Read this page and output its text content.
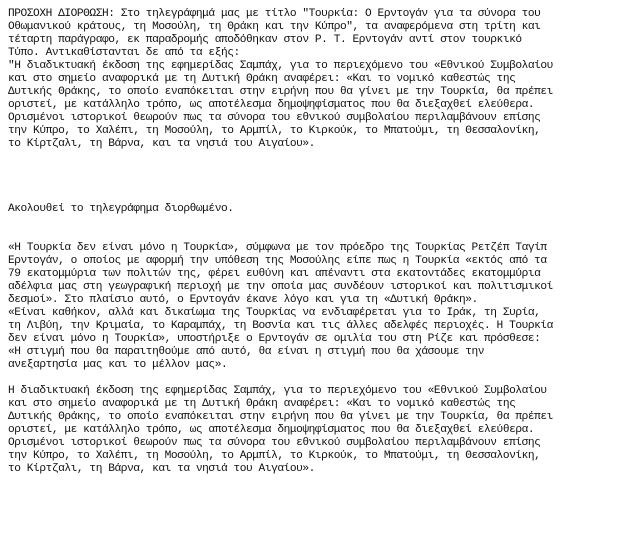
ΠΡΟΣΟΧΗ ΔΙΟΡΘΩΣΗ: Στο τηλεγράφημά μας με τίτλο "Τουρκία: Ο Ερντογάν για τα σύνορα του
Οθωμανικού κράτους, τη Μοσούλη, τη Θράκη και την Κύπρο", τα αναφερόμενα στη τρίτη και
τέταρτη παράγραφο, εκ παραδρομής αποδόθηκαν στον Ρ. Τ. Ερντογάν αντί στον τουρκικό
Τύπο. Αντικαθίστανται δε από τα εξής:
"Η διαδικτυακή έκδοση της εφημερίδας Σαμπάχ, για το περιεχόμενο του «Εθνικού Συμβολαίου
και στο σημείο αναφορικά με τη Δυτική Θράκη αναφέρει: «Και το νομικό καθεστώς της
Δυτικής Θράκης, το οποίο εναπόκειται στην ειρήνη που θα γίνει με την Τουρκία, θα πρέπει
οριστεί, με κατάλληλο τρόπο, ως αποτέλεσμα δημοψηφίσματος που θα διεξαχθεί ελεύθερα.
Ορισμένοι ιστορικοί θεωρούν πως τα σύνορα του εθνικού συμβολαίου περιλαμβάνουν επίσης
την Κύπρο, το Χαλέπι, τη Μοσούλη, το Αρμπίλ, το Κιρκούκ, το Μπατούμι, τη Θεσσαλονίκη,
το Κίρτζαλι, τη Βάρνα, και τα νησιά του Αιγαίου».
Ακολουθεί το τηλεγράφημα διορθωμένο.
«Η Τουρκία δεν είναι μόνο η Τουρκία», σύμφωνα με τον πρόεδρο της Τουρκίας Ρετζέπ Ταγίπ
Ερντογάν, ο οποίος με αφορμή την υπόθεση της Μοσούλης είπε πως η Τουρκία «εκτός από τα
79 εκατομμύρια των πολιτών της, φέρει ευθύνη και απέναντι στα εκατοντάδες εκατομμύρια
αδέλφια μας στη γεωγραφική περιοχή με την οποία μας συνδέουν ιστορικοί και πολιτισμικοί
δεσμοί». Στο πλαίσιο αυτό, ο Ερντογάν έκανε λόγο και για τη «Δυτική Θράκη».
«Είναι καθήκον, αλλά και δικαίωμα της Τουρκίας να ενδιαφέρεται για το Ιράκ, τη Συρία,
τη Λιβύη, την Κριμαία, το Καραμπάχ, τη Βοσνία και τις άλλες αδελφές περιοχές. Η Τουρκία
δεν είναι μόνο η Τουρκία», υποστήριξε ο Ερντογάν σε ομιλία του στη Ρίζε και πρόσθεσε:
«Η στιγμή που θα παραιτηθούμε από αυτό, θα είναι η στιγμή που θα χάσουμε την
ανεξαρτησία μας και το μέλλον μας».
Η διαδικτυακή έκδοση της εφημερίδας Σαμπάχ, για το περιεχόμενο του «Εθνικού Συμβολαίου
και στο σημείο αναφορικά με τη Δυτική Θράκη αναφέρει: «Και το νομικό καθεστώς της
Δυτικής Θράκης, το οποίο εναπόκειται στην ειρήνη που θα γίνει με την Τουρκία, θα πρέπει
οριστεί, με κατάλληλο τρόπο, ως αποτέλεσμα δημοψηφίσματος που θα διεξαχθεί ελεύθερα.
Ορισμένοι ιστορικοί θεωρούν πως τα σύνορα του εθνικού συμβολαίου περιλαμβάνουν επίσης
την Κύπρο, το Χαλέπι, τη Μοσούλη, το Αρμπίλ, το Κιρκούκ, το Μπατούμι, τη Θεσσαλονίκη,
το Κίρτζαλι, τη Βάρνα, και τα νησιά του Αιγαίου».
